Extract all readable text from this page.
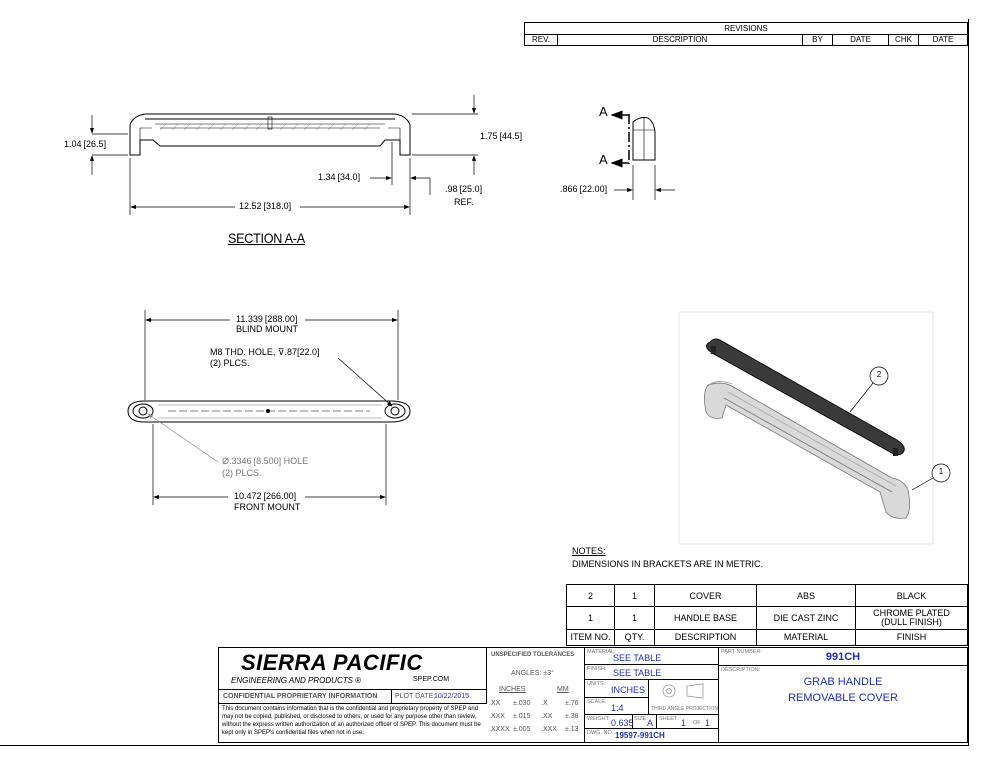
REVISIONS
REV.	DESCRIPTION	BY	DATE	CHK	DATE
1.04 [26.5]
1.75 [44.5]
1.34 [34.0]
.98 [25.0]
REF.
12.52 [318.0]
SECTION A-A
A
A
.866 [22.00]
11.339 [288.00]
BLIND MOUNT
M8 THD. HOLE, ⊽.87[22.0]
(2) PLCS.
Ø.3346 [8.500] HOLE
(2) PLCS.
10.472 [266.00]
FRONT MOUNT
2
1
NOTES:
DIMENSIONS IN BRACKETS ARE IN METRIC.
2	1	COVER	ABS	BLACK
1	1	HANDLE BASE	DIE CAST ZINC	CHROME PLATED
(DULL FINISH)
ITEM NO.	QTY.	DESCRIPTION	MATERIAL	FINISH
SIERRA PACIFIC
ENGINEERING AND PRODUCTS ®	SPEP.COM
CONFIDENTIAL PROPRIETARY INFORMATION	PLOT DATE:
10/22/2015
This document contains information that is the confidential and proprietary property of SPEP and may not be copied, published, or disclosed to others, or used for any purpose other than review, without the express written authorization of an authorized officer of SPEP. This document must be kept only in SPEP's confidential files when not in use.
UNSPECIFIED TOLERANCES
ANGLES: ±3°
INCHES	MM
.XX ±.030 .X ±.76
.XXX ±.015 .XX ±.38
.XXXX ±.005 .XXX ±.13
MATERIAL:
SEE TABLE
FINISH: SEE TABLE
UNITS:
INCHES
SCALE:
1:4	THIRD ANGLE PROJECTION
WEIGHT: 0.635 SIZE: A SHEET 1 OF 1
DWG. NO.: 19597-991CH
PART NUMBER:	991CH
DESCRIPTION:
GRAB HANDLE
REMOVABLE COVER
